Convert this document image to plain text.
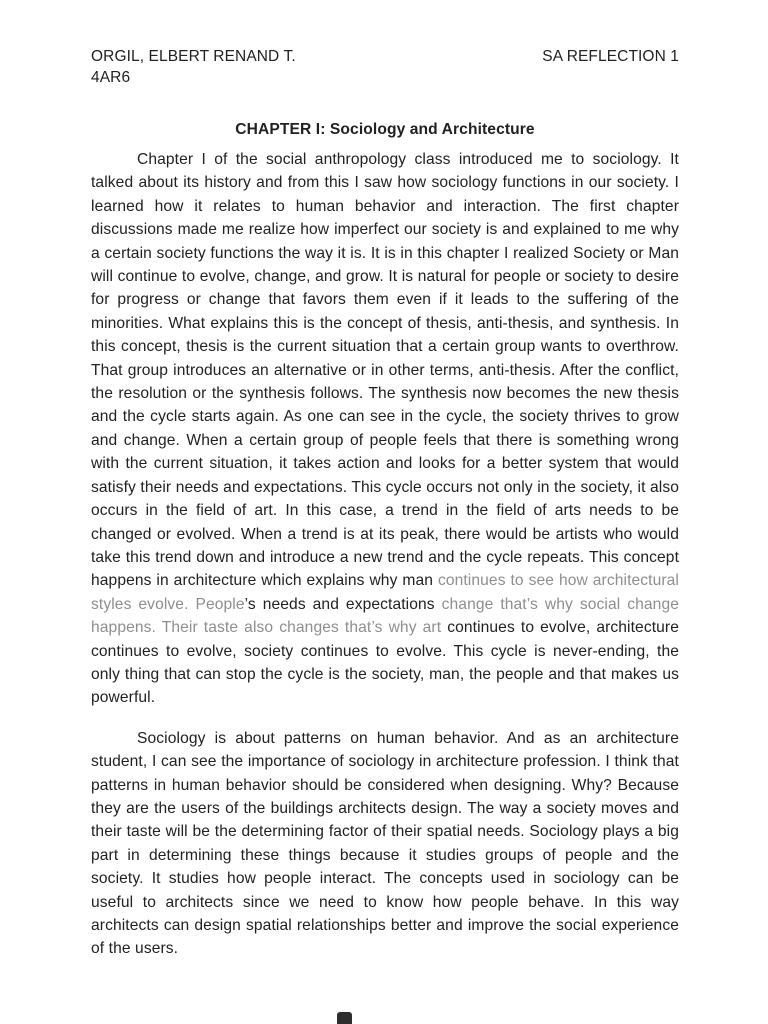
ORGIL, ELBERT RENAND T.
4AR6
SA REFLECTION 1
CHAPTER I: Sociology and Architecture

Chapter I of the social anthropology class introduced me to sociology. It talked about its history and from this I saw how sociology functions in our society. I learned how it relates to human behavior and interaction. The first chapter discussions made me realize how imperfect our society is and explained to me why a certain society functions the way it is. It is in this chapter I realized Society or Man will continue to evolve, change, and grow. It is natural for people or society to desire for progress or change that favors them even if it leads to the suffering of the minorities. What explains this is the concept of thesis, anti-thesis, and synthesis. In this concept, thesis is the current situation that a certain group wants to overthrow. That group introduces an alternative or in other terms, anti-thesis. After the conflict, the resolution or the synthesis follows. The synthesis now becomes the new thesis and the cycle starts again. As one can see in the cycle, the society thrives to grow and change. When a certain group of people feels that there is something wrong with the current situation, it takes action and looks for a better system that would satisfy their needs and expectations. This cycle occurs not only in the society, it also occurs in the field of art. In this case, a trend in the field of arts needs to be changed or evolved. When a trend is at its peak, there would be artists who would take this trend down and introduce a new trend and the cycle repeats. This concept happens in architecture which explains why man continues to see how architectural styles evolve. People’s needs and expectations change that’s why social change happens. Their taste also changes that’s why art continues to evolve, architecture continues to evolve, society continues to evolve. This cycle is never-ending, the only thing that can stop the cycle is the society, man, the people and that makes us powerful.

Sociology is about patterns on human behavior. And as an architecture student, I can see the importance of sociology in architecture profession. I think that patterns in human behavior should be considered when designing. Why? Because they are the users of the buildings architects design. The way a society moves and their taste will be the determining factor of their spatial needs. Sociology plays a big part in determining these things because it studies groups of people and the society. It studies how people interact. The concepts used in sociology can be useful to architects since we need to know how people behave. In this way architects can design spatial relationships better and improve the social experience of the users.
